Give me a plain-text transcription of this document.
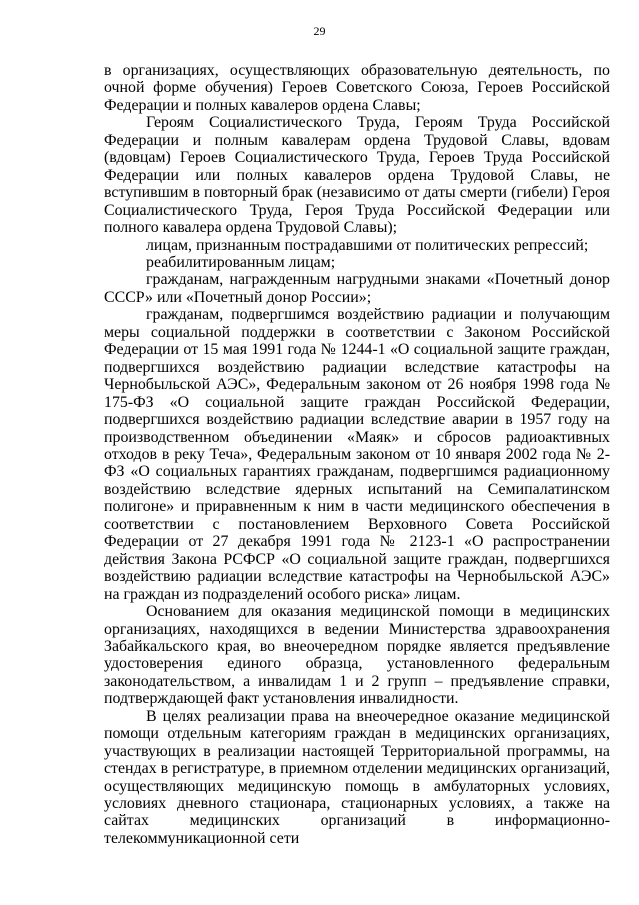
29

в организациях, осуществляющих образовательную деятельность, по очной форме обучения) Героев Советского Союза, Героев Российской Федерации и полных кавалеров ордена Славы;

Героям Социалистического Труда, Героям Труда Российской Федерации и полным кавалерам ордена Трудовой Славы, вдовам (вдовцам) Героев Социалистического Труда, Героев Труда Российской Федерации или полных кавалеров ордена Трудовой Славы, не вступившим в повторный брак (независимо от даты смерти (гибели) Героя Социалистического Труда, Героя Труда Российской Федерации или полного кавалера ордена Трудовой Славы);

лицам, признанным пострадавшими от политических репрессий;

реабилитированным лицам;

гражданам, награжденным нагрудными знаками «Почетный донор СССР» или «Почетный донор России»;

гражданам, подвергшимся воздействию радиации и получающим меры социальной поддержки в соответствии с Законом Российской Федерации от 15 мая 1991 года № 1244-1 «О социальной защите граждан, подвергшихся воздействию радиации вследствие катастрофы на Чернобыльской АЭС», Федеральным законом от 26 ноября 1998 года № 175-ФЗ «О социальной защите граждан Российской Федерации, подвергшихся воздействию радиации вследствие аварии в 1957 году на производственном объединении «Маяк» и сбросов радиоактивных отходов в реку Теча», Федеральным законом от 10 января 2002 года № 2-ФЗ «О социальных гарантиях гражданам, подвергшимся радиационному воздействию вследствие ядерных испытаний на Семипалатинском полигоне» и приравненным к ним в части медицинского обеспечения в соответствии с постановлением Верховного Совета Российской Федерации от 27 декабря 1991 года № 2123-1 «О распространении действия Закона РСФСР «О социальной защите граждан, подвергшихся воздействию радиации вследствие катастрофы на Чернобыльской АЭС» на граждан из подразделений особого риска» лицам.

Основанием для оказания медицинской помощи в медицинских организациях, находящихся в ведении Министерства здравоохранения Забайкальского края, во внеочередном порядке является предъявление удостоверения единого образца, установленного федеральным законодательством, а инвалидам 1 и 2 групп – предъявление справки, подтверждающей факт установления инвалидности.

В целях реализации права на внеочередное оказание медицинской помощи отдельным категориям граждан в медицинских организациях, участвующих в реализации настоящей Территориальной программы, на стендах в регистратуре, в приемном отделении медицинских организаций, осуществляющих медицинскую помощь в амбулаторных условиях, условиях дневного стационара, стационарных условиях, а также на сайтах медицинских организаций в информационно-телекоммуникационной сети
